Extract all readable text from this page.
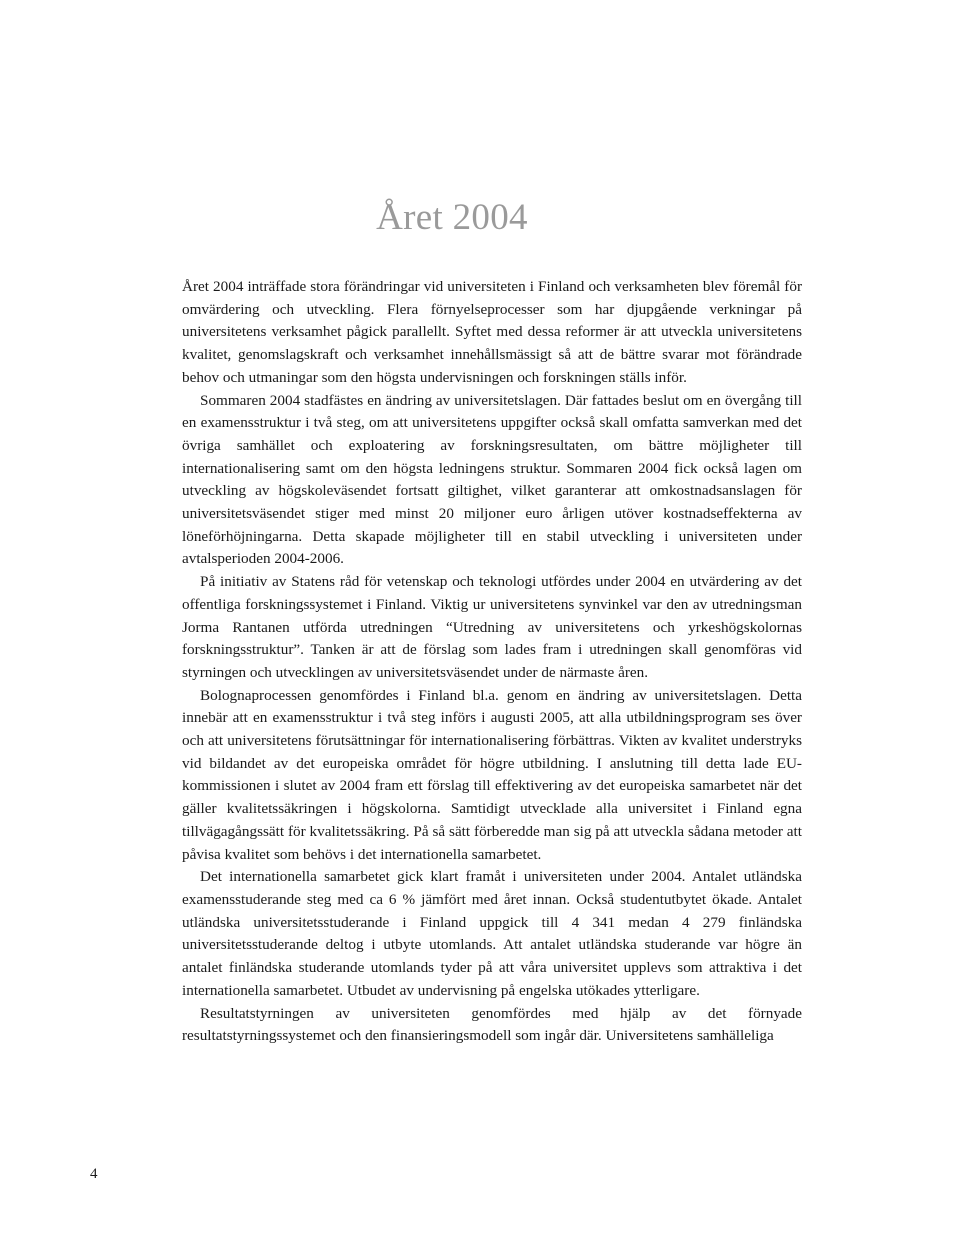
Året 2004

Året 2004 inträffade stora förändringar vid universiteten i Finland och verksamheten blev föremål för omvärdering och utveckling. Flera förnyelseprocesser som har djupgående verkningar på universitetens verksamhet pågick parallellt. Syftet med dessa reformer är att utveckla universitetens kvalitet, genomslagskraft och verksamhet innehållsmässigt så att de bättre svarar mot förändrade behov och utmaningar som den högsta undervisningen och forskningen ställs inför.

Sommaren 2004 stadfästes en ändring av universitetslagen. Där fattades beslut om en övergång till en examensstruktur i två steg, om att universitetens uppgifter också skall omfatta samverkan med det övriga samhället och exploatering av forskningsresultaten, om bättre möjligheter till internationalisering samt om den högsta ledningens struktur. Sommaren 2004 fick också lagen om utveckling av högskoleväsendet fortsatt giltighet, vilket garanterar att omkostnadsanslagen för universitetsväsendet stiger med minst 20 miljoner euro årligen utöver kostnadseffekterna av löneförhöjningarna. Detta skapade möjligheter till en stabil utveckling i universiteten under avtalsperioden 2004-2006.

På initiativ av Statens råd för vetenskap och teknologi utfördes under 2004 en utvärdering av det offentliga forskningssystemet i Finland. Viktig ur universitetens synvinkel var den av utredningsman Jorma Rantanen utförda utredningen “Utredning av universitetens och yrkeshögskolornas forskningsstruktur”. Tanken är att de förslag som lades fram i utredningen skall genomföras vid styrningen och utvecklingen av universitetsväsendet under de närmaste åren.

Bolognaprocessen genomfördes i Finland bl.a. genom en ändring av universitetslagen. Detta innebär att en examensstruktur i två steg införs i augusti 2005, att alla utbildningsprogram ses över och att universitetens förutsättningar för internationalisering förbättras. Vikten av kvalitet understryks vid bildandet av det europeiska området för högre utbildning. I anslutning till detta lade EU-kommissionen i slutet av 2004 fram ett förslag till effektivering av det europeiska samarbetet när det gäller kvalitetssäkringen i högskolorna. Samtidigt utvecklade alla universitet i Finland egna tillvägagångssätt för kvalitetssäkring. På så sätt förberedde man sig på att utveckla sådana metoder att påvisa kvalitet som behövs i det internationella samarbetet.

Det internationella samarbetet gick klart framåt i universiteten under 2004. Antalet utländska examensstuderande steg med ca 6 % jämfört med året innan. Också studentutbytet ökade. Antalet utländska universitetsstuderande i Finland uppgick till 4 341 medan 4 279 finländska universitetsstuderande deltog i utbyte utomlands. Att antalet utländska studerande var högre än antalet finländska studerande utomlands tyder på att våra universitet upplevs som attraktiva i det internationella samarbetet. Utbudet av undervisning på engelska utökades ytterligare.

Resultatstyrningen av universiteten genomfördes med hjälp av det förnyade resultatstyrningssystemet och den finansieringsmodell som ingår där. Universitetens samhälleliga

4
